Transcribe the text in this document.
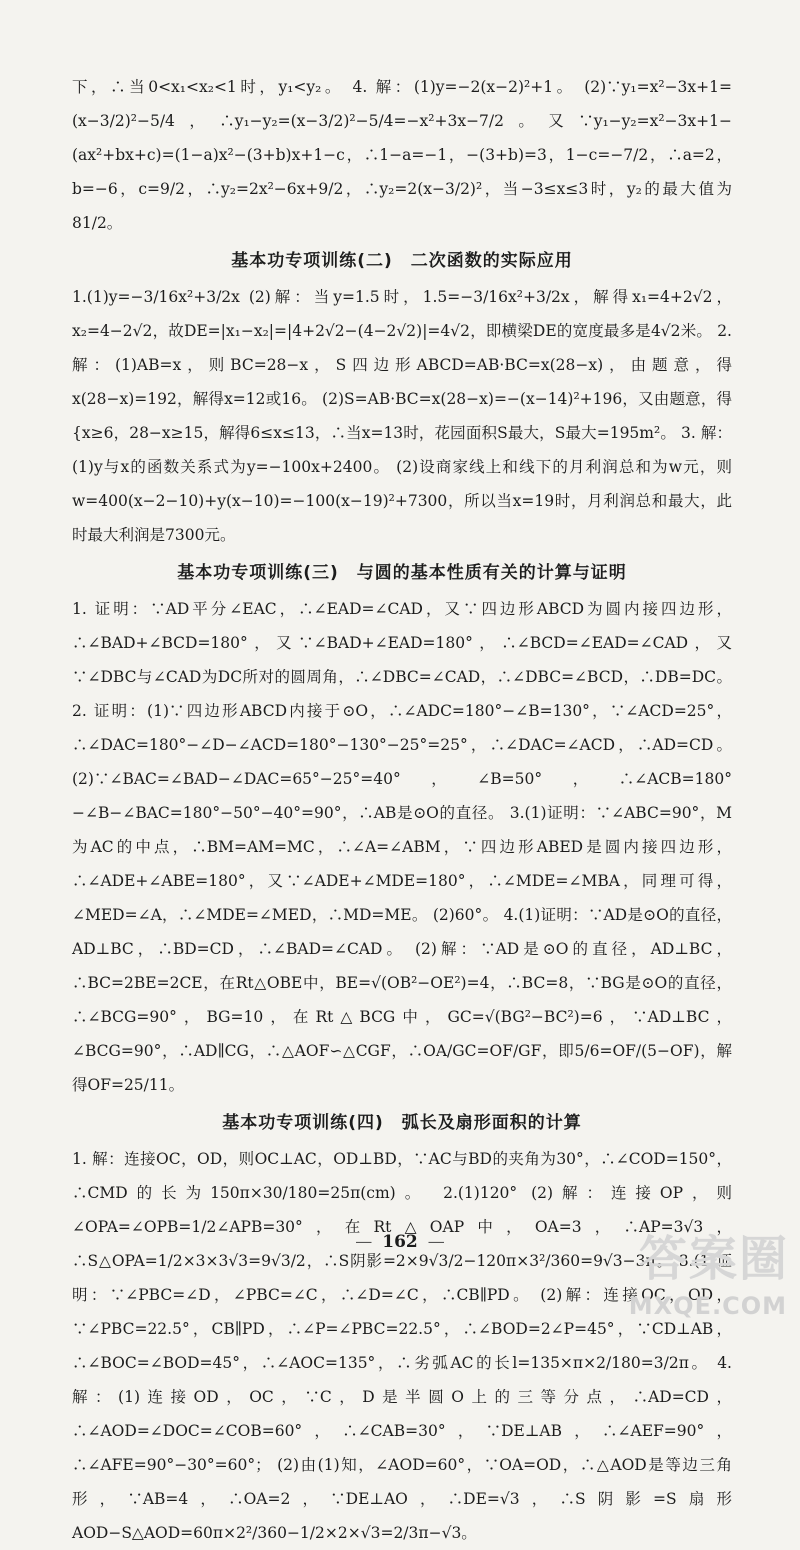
下，∴当0<x₁<x₂<1时，y₁<y₂。 4. 解：(1)y=−2(x−2)²+1。 (2)∵y₁=x²−3x+1=(x−3/2)²−5/4，∴y₁−y₂=(x−3/2)²−5/4=−x²+3x−7/2。又∵y₁−y₂=x²−3x+1−(ax²+bx+c)=(1−a)x²−(3+b)x+1−c，∴1−a=−1，−(3+b)=3，1−c=−7/2，∴a=2，b=−6，c=9/2，∴y₂=2x²−6x+9/2，∴y₂=2(x−3/2)²，当−3≤x≤3时，y₂的最大值为81/2。

基本功专项训练(二)　二次函数的实际应用

1.(1)y=−3/16x²+3/2x (2)解：当y=1.5时，1.5=−3/16x²+3/2x，解得x₁=4+2√2，x₂=4−2√2，故DE=|x₁−x₂|=|4+2√2−(4−2√2)|=4√2，即横梁DE的宽度最多是4√2米。 2. 解：(1)AB=x，则BC=28−x，S四边形ABCD=AB·BC=x(28−x)，由题意，得x(28−x)=192，解得x=12或16。 (2)S=AB·BC=x(28−x)=−(x−14)²+196，又由题意，得{x≥6，28−x≥15，解得6≤x≤13，∴当x=13时，花园面积S最大，S最大=195m²。 3. 解：(1)y与x的函数关系式为y=−100x+2400。 (2)设商家线上和线下的月利润总和为w元，则w=400(x−2−10)+y(x−10)=−100(x−19)²+7300，所以当x=19时，月利润总和最大，此时最大利润是7300元。

基本功专项训练(三)　与圆的基本性质有关的计算与证明

1. 证明：∵AD平分∠EAC，∴∠EAD=∠CAD，又∵四边形ABCD为圆内接四边形，∴∠BAD+∠BCD=180°，又∵∠BAD+∠EAD=180°，∴∠BCD=∠EAD=∠CAD，又∵∠DBC与∠CAD为DC所对的圆周角，∴∠DBC=∠CAD，∴∠DBC=∠BCD，∴DB=DC。 2. 证明：(1)∵四边形ABCD内接于⊙O，∴∠ADC=180°−∠B=130°，∵∠ACD=25°，∴∠DAC=180°−∠D−∠ACD=180°−130°−25°=25°，∴∠DAC=∠ACD，∴AD=CD。 (2)∵∠BAC=∠BAD−∠DAC=65°−25°=40°，∠B=50°，∴∠ACB=180°−∠B−∠BAC=180°−50°−40°=90°，∴AB是⊙O的直径。 3.(1)证明：∵∠ABC=90°，M为AC的中点，∴BM=AM=MC，∴∠A=∠ABM，∵四边形ABED是圆内接四边形，∴∠ADE+∠ABE=180°，又∵∠ADE+∠MDE=180°，∴∠MDE=∠MBA，同理可得，∠MED=∠A，∴∠MDE=∠MED，∴MD=ME。 (2)60°。 4.(1)证明：∵AD是⊙O的直径，AD⊥BC，∴BD=CD，∴∠BAD=∠CAD。 (2)解：∵AD是⊙O的直径，AD⊥BC，∴BC=2BE=2CE，在Rt△OBE中，BE=√(OB²−OE²)=4，∴BC=8，∵BG是⊙O的直径，∴∠BCG=90°，BG=10，在Rt△BCG中，GC=√(BG²−BC²)=6，∵AD⊥BC，∠BCG=90°，∴AD∥CG，∴△AOF∽△CGF，∴OA/GC=OF/GF，即5/6=OF/(5−OF)，解得OF=25/11。

基本功专项训练(四)　弧长及扇形面积的计算

1. 解：连接OC，OD，则OC⊥AC，OD⊥BD，∵AC与BD的夹角为30°，∴∠COD=150°，∴CMD的长为150π×30/180=25π(cm)。 2.(1)120° (2)解：连接OP，则∠OPA=∠OPB=1/2∠APB=30°，在Rt△OAP中，OA=3，∴AP=3√3，∴S△OPA=1/2×3×3√3=9√3/2，∴S阴影=2×9√3/2−120π×3²/360=9√3−3π。 3.(1)证明：∵∠PBC=∠D，∠PBC=∠C，∴∠D=∠C，∴CB∥PD。 (2)解：连接OC，OD，∵∠PBC=22.5°，CB∥PD，∴∠P=∠PBC=22.5°，∴∠BOD=2∠P=45°，∵CD⊥AB，∴∠BOC=∠BOD=45°，∴∠AOC=135°，∴劣弧AC的长l=135×π×2/180=3/2π。 4. 解：(1)连接OD，OC，∵C，D是半圆O上的三等分点，∴AD=CD，∴∠AOD=∠DOC=∠COB=60°，∴∠CAB=30°，∵DE⊥AB，∴∠AEF=90°，∴∠AFE=90°−30°=60°； (2)由(1)知，∠AOD=60°，∵OA=OD，∴△AOD是等边三角形，∵AB=4，∴OA=2，∵DE⊥AO，∴DE=√3，∴S阴影=S扇形AOD−S△AOD=60π×2²/360−1/2×2×√3=2/3π−√3。

— 162 —	答案圈
MXQE.COM
